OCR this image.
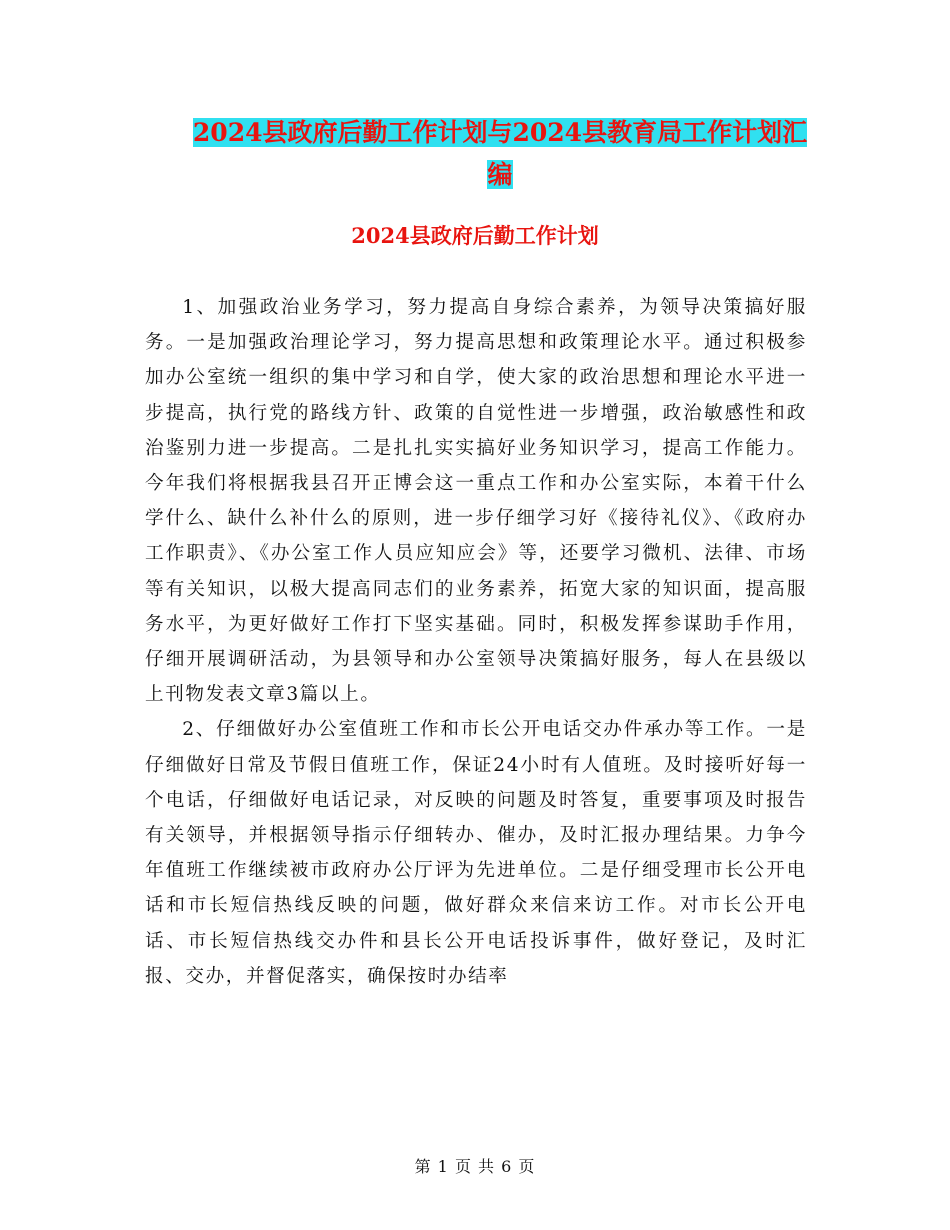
2024县政府后勤工作计划与2024县教育局工作计划汇
编
2024县政府后勤工作计划

1、加强政治业务学习，努力提高自身综合素养，为领导决策搞好服务。一是加强政治理论学习，努力提高思想和政策理论水平。通过积极参加办公室统一组织的集中学习和自学，使大家的政治思想和理论水平进一步提高，执行党的路线方针、政策的自觉性进一步增强，政治敏感性和政治鉴别力进一步提高。二是扎扎实实搞好业务知识学习，提高工作能力。今年我们将根据我县召开正博会这一重点工作和办公室实际，本着干什么学什么、缺什么补什么的原则，进一步仔细学习好《接待礼仪》、《政府办工作职责》、《办公室工作人员应知应会》等，还要学习微机、法律、市场等有关知识，以极大提高同志们的业务素养，拓宽大家的知识面，提高服务水平，为更好做好工作打下坚实基础。同时，积极发挥参谋助手作用，仔细开展调研活动，为县领导和办公室领导决策搞好服务，每人在县级以上刊物发表文章3篇以上。

2、仔细做好办公室值班工作和市长公开电话交办件承办等工作。一是仔细做好日常及节假日值班工作，保证24小时有人值班。及时接听好每一个电话，仔细做好电话记录，对反映的问题及时答复，重要事项及时报告有关领导，并根据领导指示仔细转办、催办，及时汇报办理结果。力争今年值班工作继续被市政府办公厅评为先进单位。二是仔细受理市长公开电话和市长短信热线反映的问题，做好群众来信来访工作。对市长公开电话、市长短信热线交办件和县长公开电话投诉事件，做好登记，及时汇报、交办，并督促落实，确保按时办结率

第 1 页 共 6 页
